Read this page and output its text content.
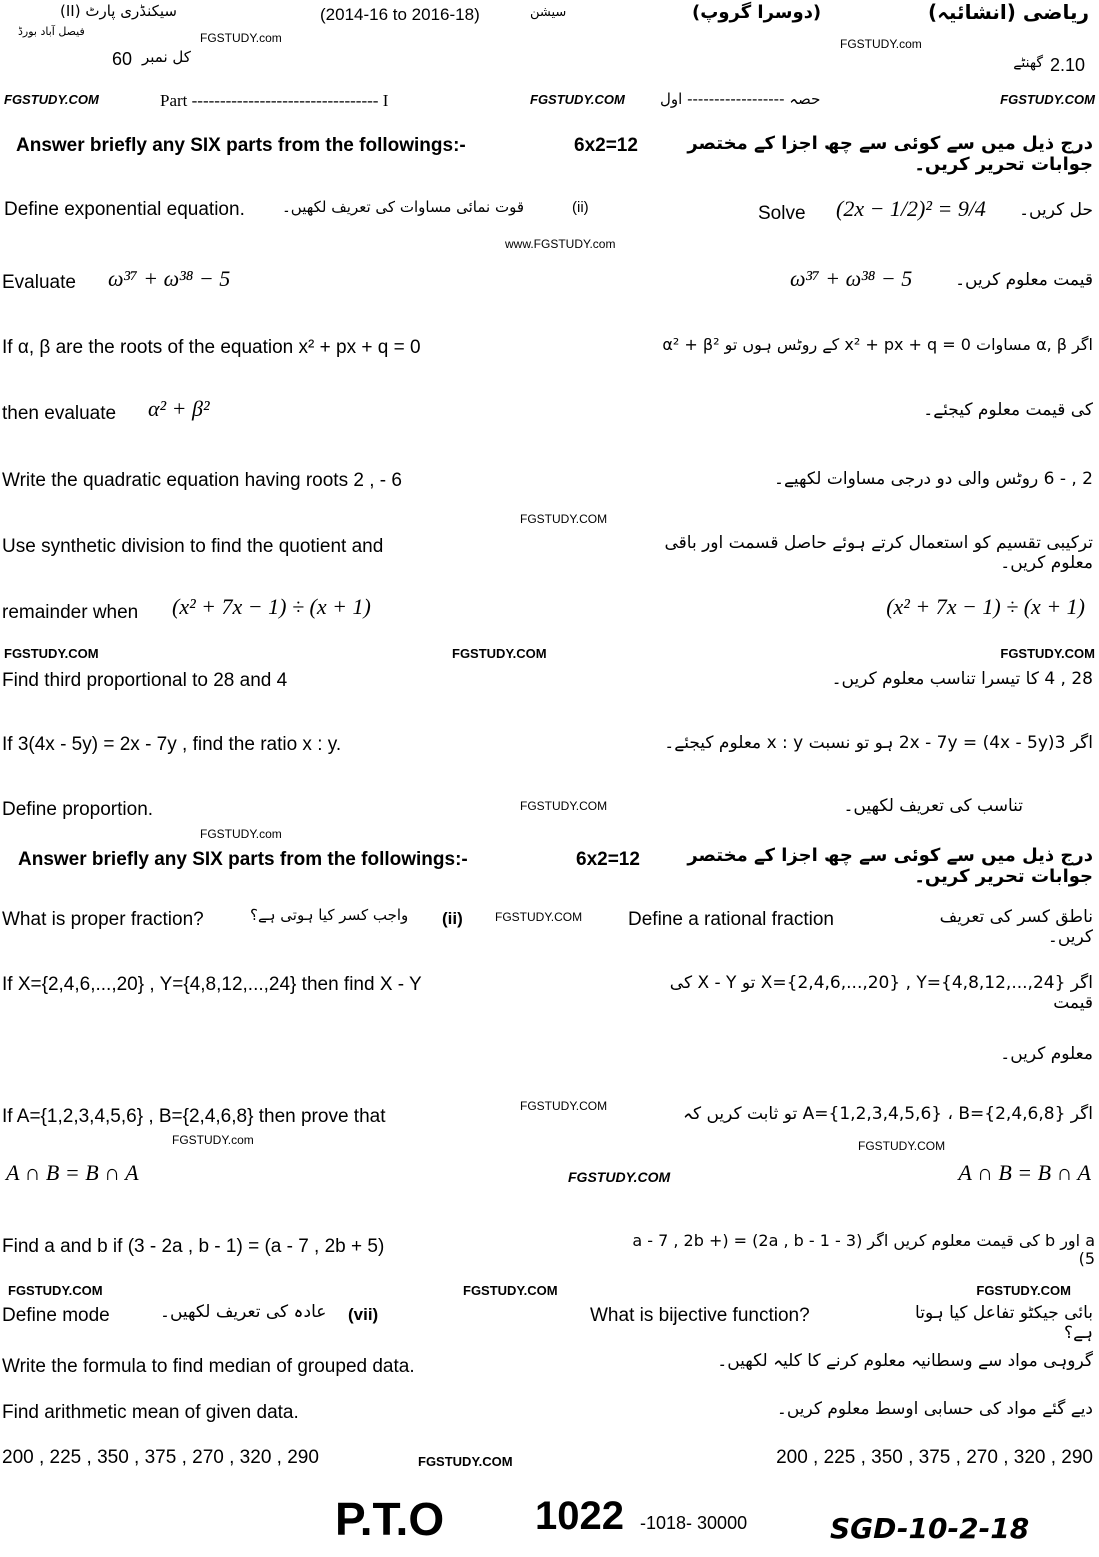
سیکنڈری پارٹ (II)
فیصل آباد بورڈ
(2014-16 to 2016-18)	سیشن	(دوسرا گروپ)	ریاضی (انشائیہ)
60 کل نمبر	2.10
گھنٹے
FGSTUDY.com	FGSTUDY.com
FGSTUDY.COM	Part --------------------------------- I	FGSTUDY.COM حصہ ------------------ اول	FGSTUDY.COM
Answer briefly any SIX parts from the followings:-	6x2=12	درج ذیل میں سے کوئی سے چھ اجزا کے مختصر جوابات تحریر کریں۔
Define exponential equation. قوت نمائی مساوات کی تعریف لکھیں۔	(ii)	Solve (2x − 1/2)² = 9/4 حل کریں۔
www.FGSTUDY.com
Evaluate ω³⁷ + ω³⁸ − 5	ω³⁷ + ω³⁸ − 5	قیمت معلوم کریں۔
If α, β are the roots of the equation x² + px + q = 0	اگر α, β مساوات x² + px + q = 0 کے روٹس ہوں تو α² + β²
then evaluate α² + β²	کی قیمت معلوم کیجئے۔
Write the quadratic equation having roots 2 , - 6	2 , - 6 روٹس والی دو درجی مساوات لکھیے۔
FGSTUDY.COM
Use synthetic division to find the quotient and	ترکیبی تقسیم کو استعمال کرتے ہوئے حاصل قسمت اور باقی معلوم کریں۔
remainder when (x² + 7x − 1) ÷ (x + 1)	(x² + 7x − 1) ÷ (x + 1)
FGSTUDY.COM	FGSTUDY.COM	FGSTUDY.COM
Find third proportional to 28 and 4	28 , 4 کا تیسرا تناسب معلوم کریں۔
If 3(4x - 5y) = 2x - 7y , find the ratio x : y.	اگر 3(4x - 5y) = 2x - 7y ہو تو نسبت x : y معلوم کیجئے۔
Define proportion.	FGSTUDY.COM	تناسب کی تعریف لکھیں۔
FGSTUDY.com
Answer briefly any SIX parts from the followings:-	6x2=12	درج ذیل میں سے کوئی سے چھ اجزا کے مختصر جوابات تحریر کریں۔
What is proper fraction?	واجب کسر کیا ہوتی ہے؟ (ii)	FGSTUDY.COM Define a rational fraction	ناطق کسر کی تعریف کریں۔
If X={2,4,6,...,20} , Y={4,8,12,...,24} then find X - Y	اگر X={2,4,6,...,20} , Y={4,8,12,...,24} تو X - Y کی قیمت
معلوم کریں۔
If A={1,2,3,4,5,6} , B={2,4,6,8} then prove that	FGSTUDY.COM	اگر A={1,2,3,4,5,6} ، B={2,4,6,8} تو ثابت کریں کہ
FGSTUDY.com	FGSTUDY.COM
A ∩ B = B ∩ A	FGSTUDY.COM	A ∩ B = B ∩ A
Find a and b if (3 - 2a , b - 1) = (a - 7 , 2b + 5)	a اور b کی قیمت معلوم کریں اگر (3 - 2a , b - 1) = (a - 7 , 2b + 5)
FGSTUDY.COM	FGSTUDY.COM	FGSTUDY.COM
Define mode	عادہ کی تعریف لکھیں۔ (vii)	What is bijective function?	بائی جیکٹو تفاعل کیا ہوتا ہے؟
Write the formula to find median of grouped data.	گروہی مواد سے وسطانیہ معلوم کرنے کا کلیہ لکھیں۔
Find arithmetic mean of given data.	دیے گئے مواد کی حسابی اوسط معلوم کریں۔
200 , 225 , 350 , 375 , 270 , 320 , 290	FGSTUDY.COM	200 , 225 , 350 , 375 , 270 , 320 , 290
P.T.O 1022 -1018- 30000	SGD-10-2-18
